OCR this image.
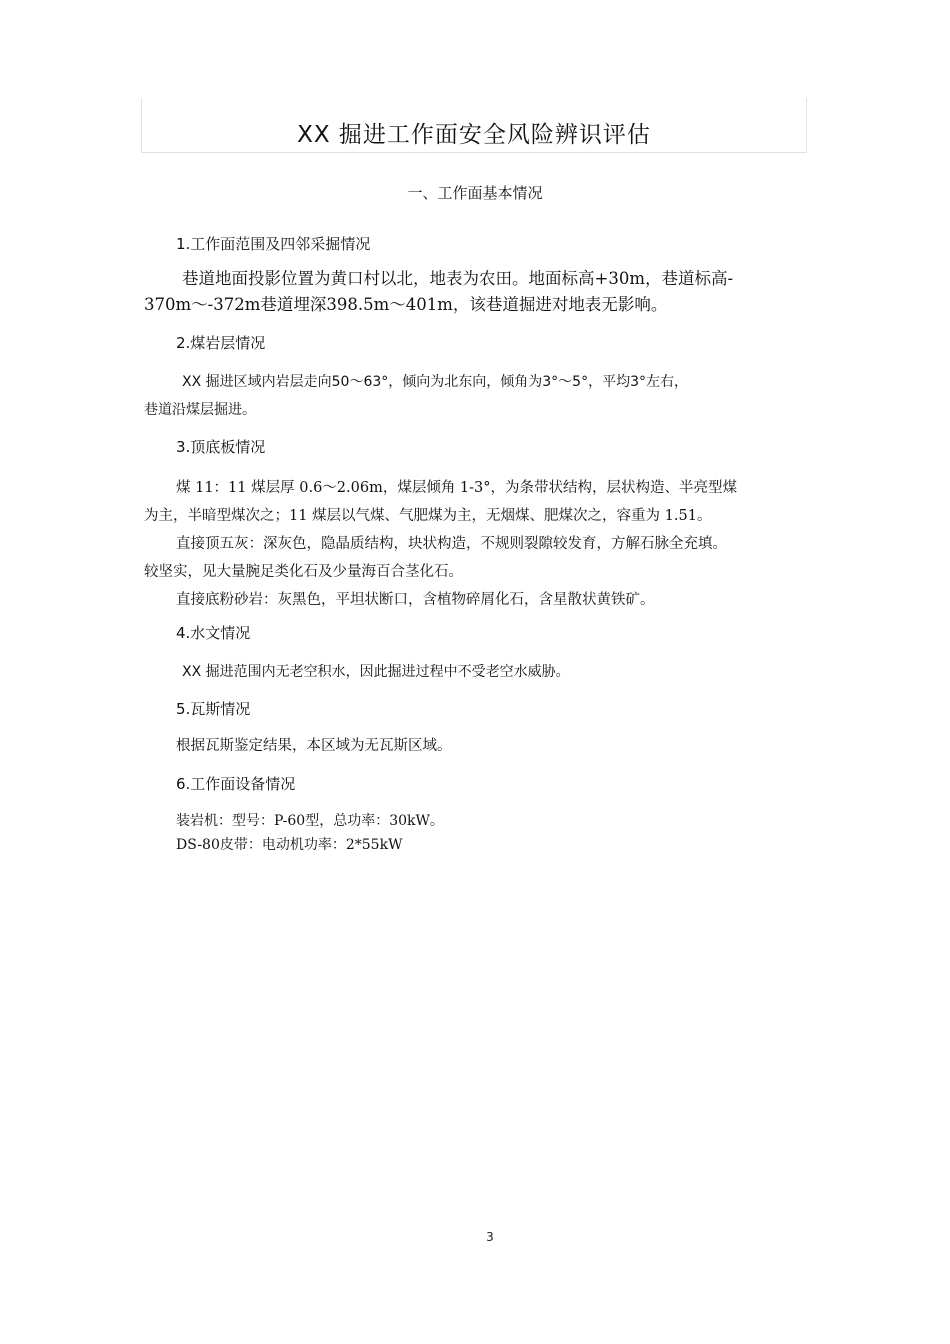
XX 掘进工作面安全风险辨识评估
一、工作面基本情况
1.工作面范围及四邻采掘情况
巷道地面投影位置为黄口村以北，地表为农田。地面标高+30m，巷道标高-
370m～-372m巷道埋深398.5m～401m，该巷道掘进对地表无影响。
2.煤岩层情况
XX 掘进区域内岩层走向50～63°，倾向为北东向，倾角为3°～5°，平均3°左右，
巷道沿煤层掘进。
3.顶底板情况
煤 11：11 煤层厚 0.6～2.06m，煤层倾角 1-3°，为条带状结构，层状构造、半亮型煤
为主，半暗型煤次之；11 煤层以气煤、气肥煤为主，无烟煤、肥煤次之，容重为 1.51。
直接顶五灰：深灰色，隐晶质结构，块状构造，不规则裂隙较发育，方解石脉全充填。
较坚实，见大量腕足类化石及少量海百合茎化石。
直接底粉砂岩：灰黑色，平坦状断口，含植物碎屑化石，含星散状黄铁矿。
4.水文情况
XX 掘进范围内无老空积水，因此掘进过程中不受老空水威胁。
5.瓦斯情况
根据瓦斯鉴定结果，本区域为无瓦斯区域。
6.工作面设备情况
装岩机：型号：P-60型，总功率：30kW。
DS-80皮带：电动机功率：2*55kW
3
